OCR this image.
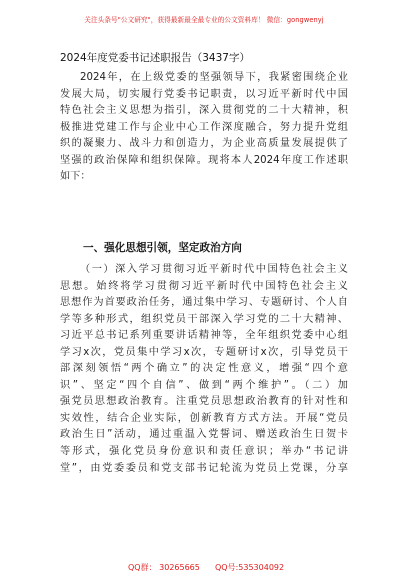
关注头条号"公文研究"，获得最新最全最专业的公文资料库！ 微信：gongwenyj
2024年度党委书记述职报告（3437字）
2024年，在上级党委的坚强领导下，我紧密围绕企业
发展大局，切实履行党委书记职责，以习近平新时代中国
特色社会主义思想为指引，深入贯彻党的二十大精神，积
极推进党建工作与企业中心工作深度融合，努力提升党组
织的凝聚力、战斗力和创造力，为企业高质量发展提供了
坚强的政治保障和组织保障。现将本人2024年度工作述职
如下：
一、强化思想引领，坚定政治方向
（一）深入学习贯彻习近平新时代中国特色社会主义
思想。始终将学习贯彻习近平新时代中国特色社会主义
思想作为首要政治任务，通过集中学习、专题研讨、个人自
学等多种形式，组织党员干部深入学习党的二十大精神、
习近平总书记系列重要讲话精神等，全年组织党委中心组
学习x次，党员集中学习x次，专题研讨x次，引导党员干
部深刻领悟“两个确立”的决定性意义，增强“四个意
识”、坚定“四个自信”、做到“两个维护”。（二）加
强党员思想政治教育。注重党员思想政治教育的针对性和
实效性，结合企业实际，创新教育方式方法。开展“党员
政治生日”活动，通过重温入党誓词、赠送政治生日贺卡
等形式，强化党员身份意识和责任意识；举办“书记讲
堂”，由党委委员和党支部书记轮流为党员上党课，分享
QQ群： 30265665 QQ号:535304092
